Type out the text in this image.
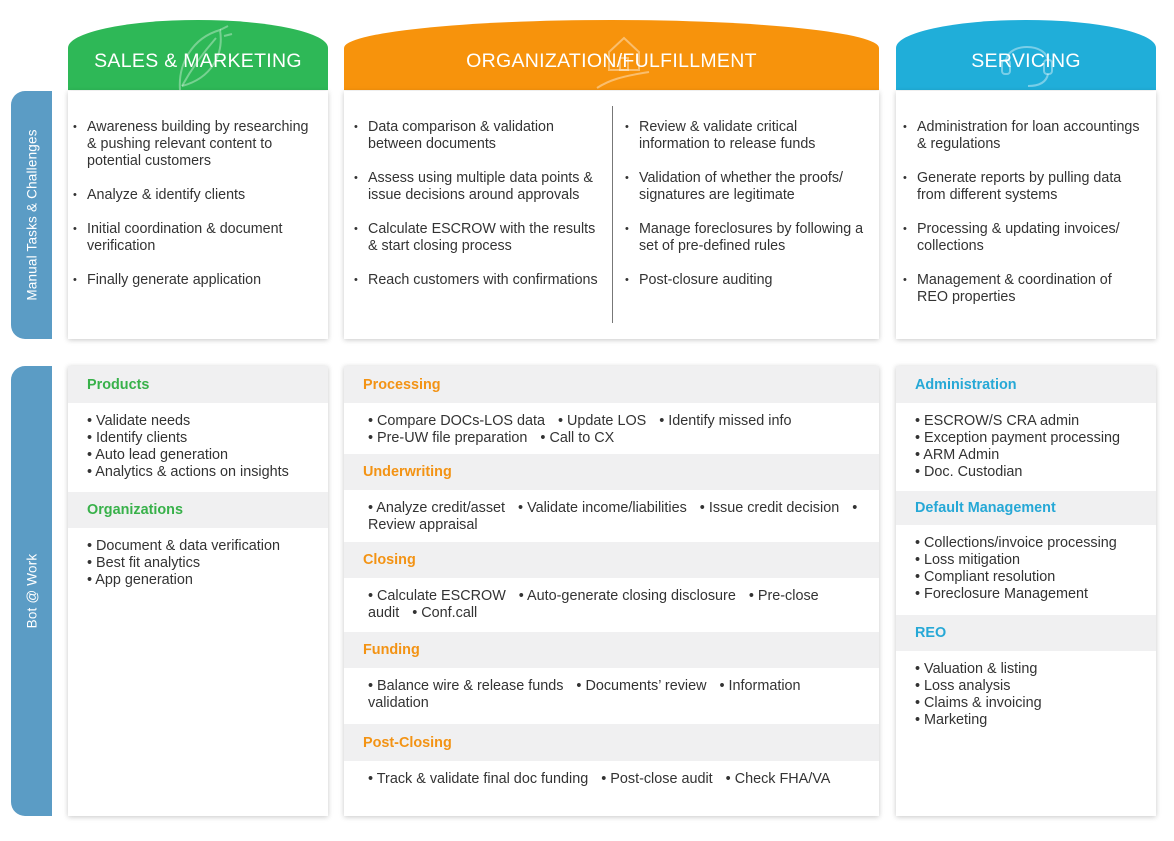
Manual Tasks & Challenges
Bot @ Work
SALES & MARKETING	ORGANIZATION/FULFILLMENT	SERVICING
• Awareness building by researching & pushing relevant content to potential customers
• Analyze & identify clients
• Initial coordination & document verification
• Finally generate application
• Data comparison & validation between documents
• Assess using multiple data points & issue decisions around approvals
• Calculate ESCROW with the results & start closing process
• Reach customers with confirmations
• Review & validate critical information to release funds
• Validation of whether the proofs/ signatures are legitimate
• Manage foreclosures by following a set of pre-defined rules
• Post-closure auditing
• Administration for loan accountings & regulations
• Generate reports by pulling data from different systems
• Processing & updating invoices/ collections
• Management & coordination of REO properties
Products
• Validate needs
• Identify clients
• Auto lead generation
• Analytics & actions on insights
Organizations
• Document & data verification
• Best fit analytics
• App generation
Processing
• Compare DOCs-LOS data • Update LOS • Identify missed info
• Pre-UW file preparation • Call to CX
Underwriting
• Analyze credit/asset • Validate income/liabilities • Issue credit decision • Review appraisal
Closing
• Calculate ESCROW • Auto-generate closing disclosure • Pre-close audit • Conf.call
Funding
• Balance wire & release funds • Documents’ review • Information validation
Post-Closing
• Track & validate final doc funding • Post-close audit • Check FHA/VA
Administration
• ESCROW/S CRA admin
• Exception payment processing
• ARM Admin
• Doc. Custodian
Default Management
• Collections/invoice processing
• Loss mitigation
• Compliant resolution
• Foreclosure Management
REO
• Valuation & listing
• Loss analysis
• Claims & invoicing
• Marketing
